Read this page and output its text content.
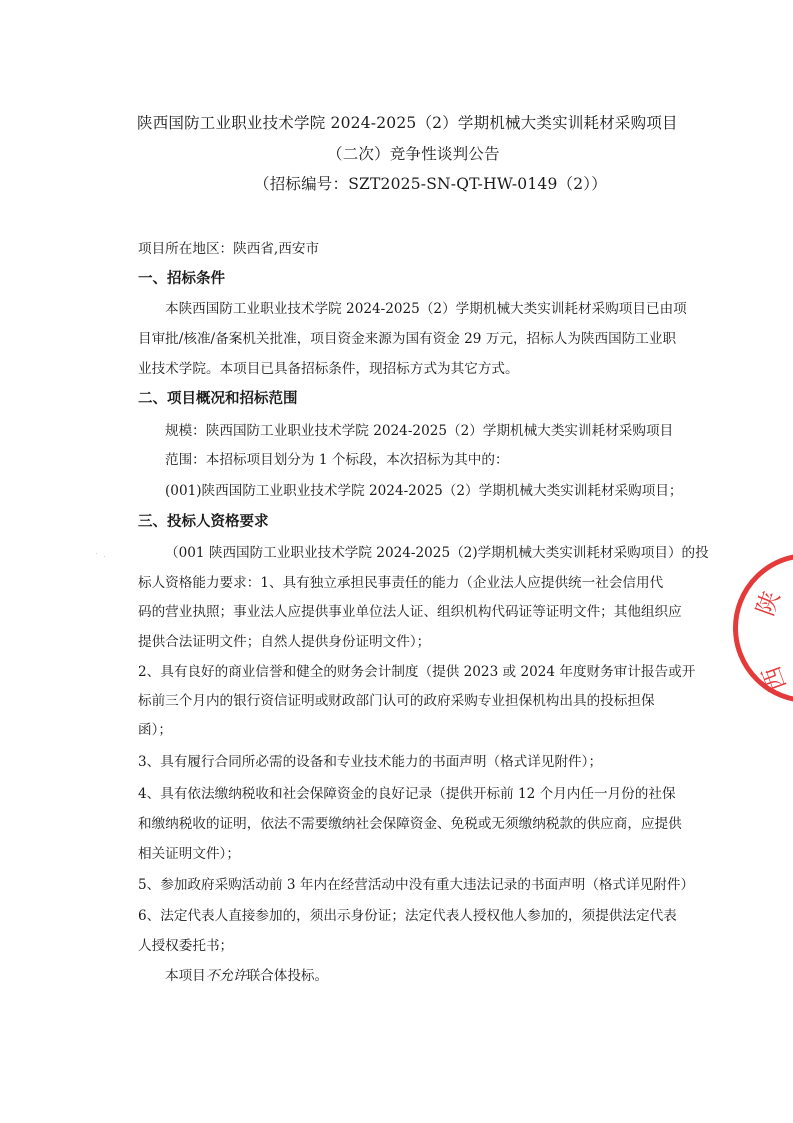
陕西国防工业职业技术学院 2024-2025（2）学期机械大类实训耗材采购项目
（二次）竞争性谈判公告
（招标编号：SZT2025-SN-QT-HW-0149（2））
项目所在地区：陕西省,西安市
一、招标条件
本陕西国防工业职业技术学院 2024-2025（2）学期机械大类实训耗材采购项目已由项
目审批/核准/备案机关批准，项目资金来源为国有资金 29 万元，招标人为陕西国防工业职
业技术学院。本项目已具备招标条件，现招标方式为其它方式。
二、项目概况和招标范围
规模：陕西国防工业职业技术学院 2024-2025（2）学期机械大类实训耗材采购项目
范围：本招标项目划分为 1 个标段，本次招标为其中的：
(001)陕西国防工业职业技术学院 2024-2025（2）学期机械大类实训耗材采购项目；
三、投标人资格要求
（001 陕西国防工业职业技术学院 2024-2025（2)学期机械大类实训耗材采购项目）的投
标人资格能力要求：1、具有独立承担民事责任的能力（企业法人应提供统一社会信用代
码的营业执照；事业法人应提供事业单位法人证、组织机构代码证等证明文件；其他组织应
提供合法证明文件；自然人提供身份证明文件）；
2、具有良好的商业信誉和健全的财务会计制度（提供 2023 或 2024 年度财务审计报告或开
标前三个月内的银行资信证明或财政部门认可的政府采购专业担保机构出具的投标担保
函）；
3、具有履行合同所必需的设备和专业技术能力的书面声明（格式详见附件）；
4、具有依法缴纳税收和社会保障资金的良好记录（提供开标前 12 个月内任一月份的社保
和缴纳税收的证明，依法不需要缴纳社会保障资金、免税或无须缴纳税款的供应商，应提供
相关证明文件）；
5、参加政府采购活动前 3 年内在经营活动中没有重大违法记录的书面声明（格式详见附件）
6、法定代表人直接参加的，须出示身份证；法定代表人授权他人参加的，须提供法定代表
人授权委托书；
本项目不允许联合体投标。
陕
西
